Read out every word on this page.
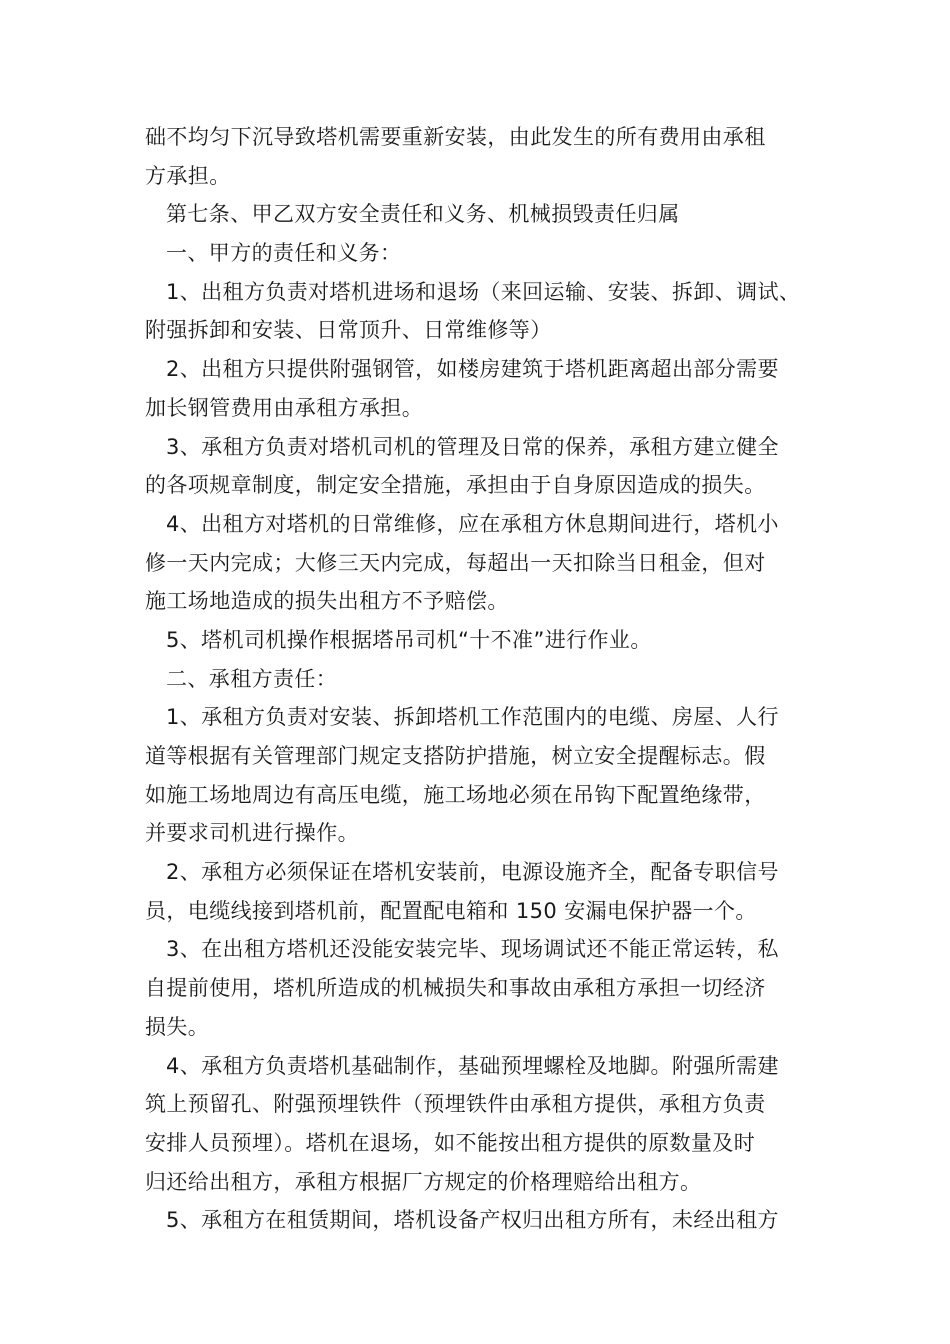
础不均匀下沉导致塔机需要重新安装，由此发生的所有费用由承租
方承担。
第七条、甲乙双方安全责任和义务、机械损毁责任归属
一、甲方的责任和义务：
1、出租方负责对塔机进场和退场（来回运输、安装、拆卸、调试、
附强拆卸和安装、日常顶升、日常维修等）
2、出租方只提供附强钢管，如楼房建筑于塔机距离超出部分需要
加长钢管费用由承租方承担。
3、承租方负责对塔机司机的管理及日常的保养，承租方建立健全
的各项规章制度，制定安全措施，承担由于自身原因造成的损失。
4、出租方对塔机的日常维修，应在承租方休息期间进行，塔机小
修一天内完成；大修三天内完成，每超出一天扣除当日租金，但对
施工场地造成的损失出租方不予赔偿。
5、塔机司机操作根据塔吊司机“十不准”进行作业。
二、承租方责任：
1、承租方负责对安装、拆卸塔机工作范围内的电缆、房屋、人行
道等根据有关管理部门规定支搭防护措施，树立安全提醒标志。假
如施工场地周边有高压电缆，施工场地必须在吊钩下配置绝缘带，
并要求司机进行操作。
2、承租方必须保证在塔机安装前，电源设施齐全，配备专职信号
员，电缆线接到塔机前，配置配电箱和 150 安漏电保护器一个。
3、在出租方塔机还没能安装完毕、现场调试还不能正常运转，私
自提前使用，塔机所造成的机械损失和事故由承租方承担一切经济
损失。
4、承租方负责塔机基础制作，基础预埋螺栓及地脚。附强所需建
筑上预留孔、附强预埋铁件（预埋铁件由承租方提供，承租方负责
安排人员预埋）。塔机在退场，如不能按出租方提供的原数量及时
归还给出租方，承租方根据厂方规定的价格理赔给出租方。
5、承租方在租赁期间，塔机设备产权归出租方所有，未经出租方
